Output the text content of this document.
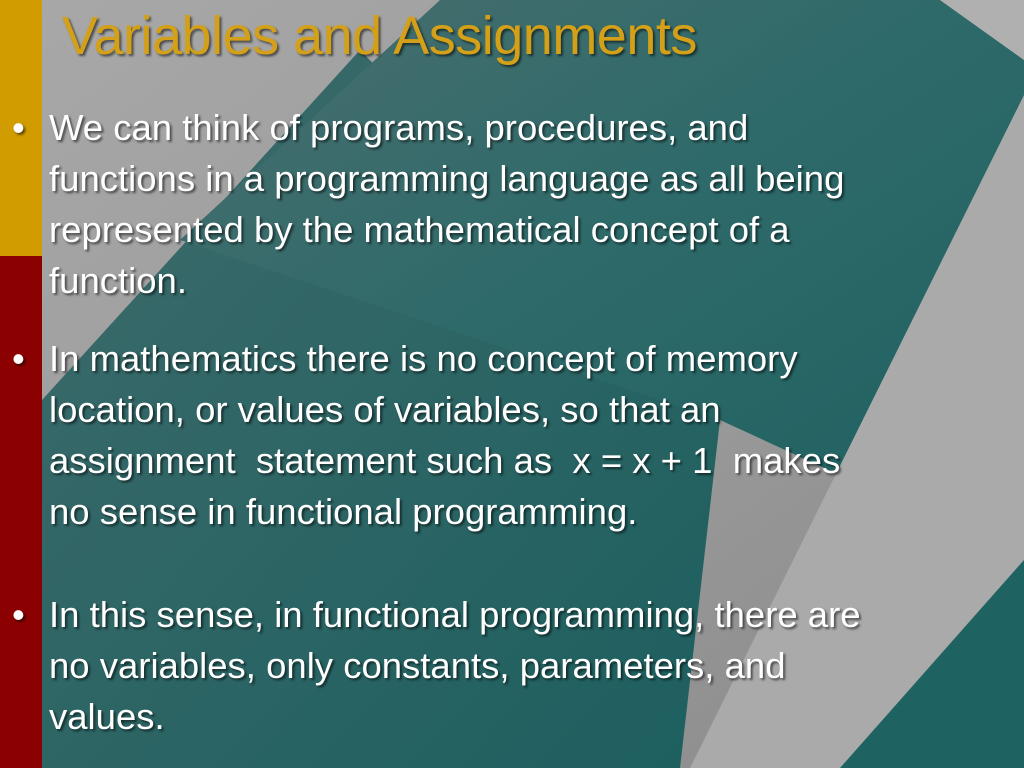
Variables and Assignments
• We can think of programs, procedures, and
functions in a programming language as all being
represented by the mathematical concept of a
function.
• In mathematics there is no concept of memory
location, or values of variables, so that an
assignment  statement such as  x = x + 1  makes
no sense in functional programming.
• In this sense, in functional programming, there are
no variables, only constants, parameters, and
values.
